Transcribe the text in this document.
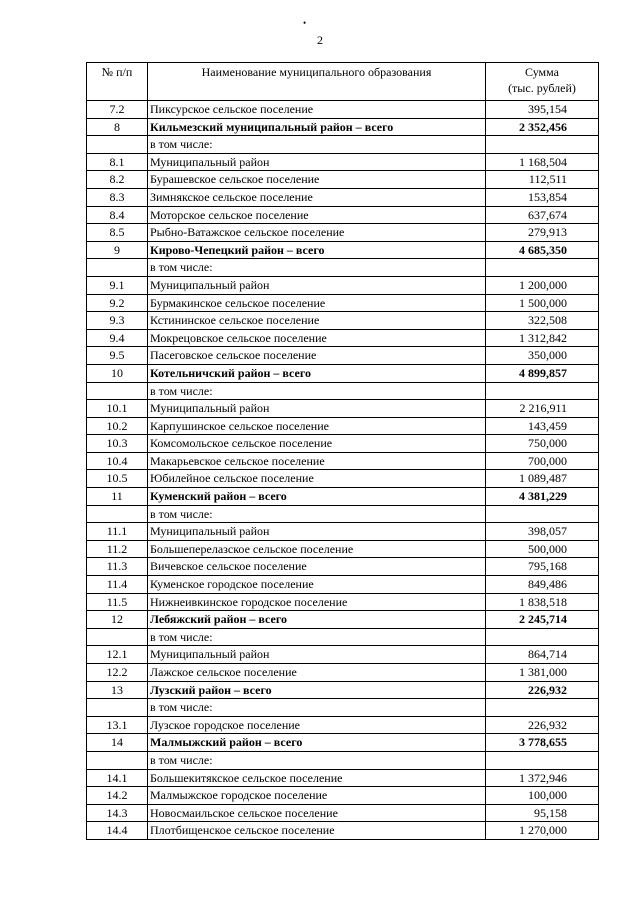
•
2
№ п/п	Наименование муниципального образования	Сумма
(тыс. рублей)
7.2	Пиксурское сельское поселение	395,154
8	Кильмезский муниципальный район – всего	2 352,456
	в том числе:	
8.1	Муниципальный район	1 168,504
8.2	Бурашевское сельское поселение	112,511
8.3	Зимнякское сельское поселение	153,854
8.4	Моторское сельское поселение	637,674
8.5	Рыбно-Ватажское сельское поселение	279,913
9	Кирово-Чепецкий район – всего	4 685,350
	в том числе:	
9.1	Муниципальный район	1 200,000
9.2	Бурмакинское сельское поселение	1 500,000
9.3	Кстининское сельское поселение	322,508
9.4	Мокрецовское сельское поселение	1 312,842
9.5	Пасеговское сельское поселение	350,000
10	Котельничский район – всего	4 899,857
	в том числе:	
10.1	Муниципальный район	2 216,911
10.2	Карпушинское сельское поселение	143,459
10.3	Комсомольское сельское поселение	750,000
10.4	Макарьевское сельское поселение	700,000
10.5	Юбилейное сельское поселение	1 089,487
11	Куменский район – всего	4 381,229
	в том числе:	
11.1	Муниципальный район	398,057
11.2	Большеперелазское сельское поселение	500,000
11.3	Вичевское сельское поселение	795,168
11.4	Куменское городское поселение	849,486
11.5	Нижнеивкинское городское поселение	1 838,518
12	Лебяжский район – всего	2 245,714
	в том числе:	
12.1	Муниципальный район	864,714
12.2	Лажское сельское поселение	1 381,000
13	Лузский район – всего	226,932
	в том числе:	
13.1	Лузское городское поселение	226,932
14	Малмыжский район – всего	3 778,655
	в том числе:	
14.1	Большекитякское сельское поселение	1 372,946
14.2	Малмыжское городское поселение	100,000
14.3	Новосмаильское сельское поселение	95,158
14.4	Плотбищенское сельское поселение	1 270,000
